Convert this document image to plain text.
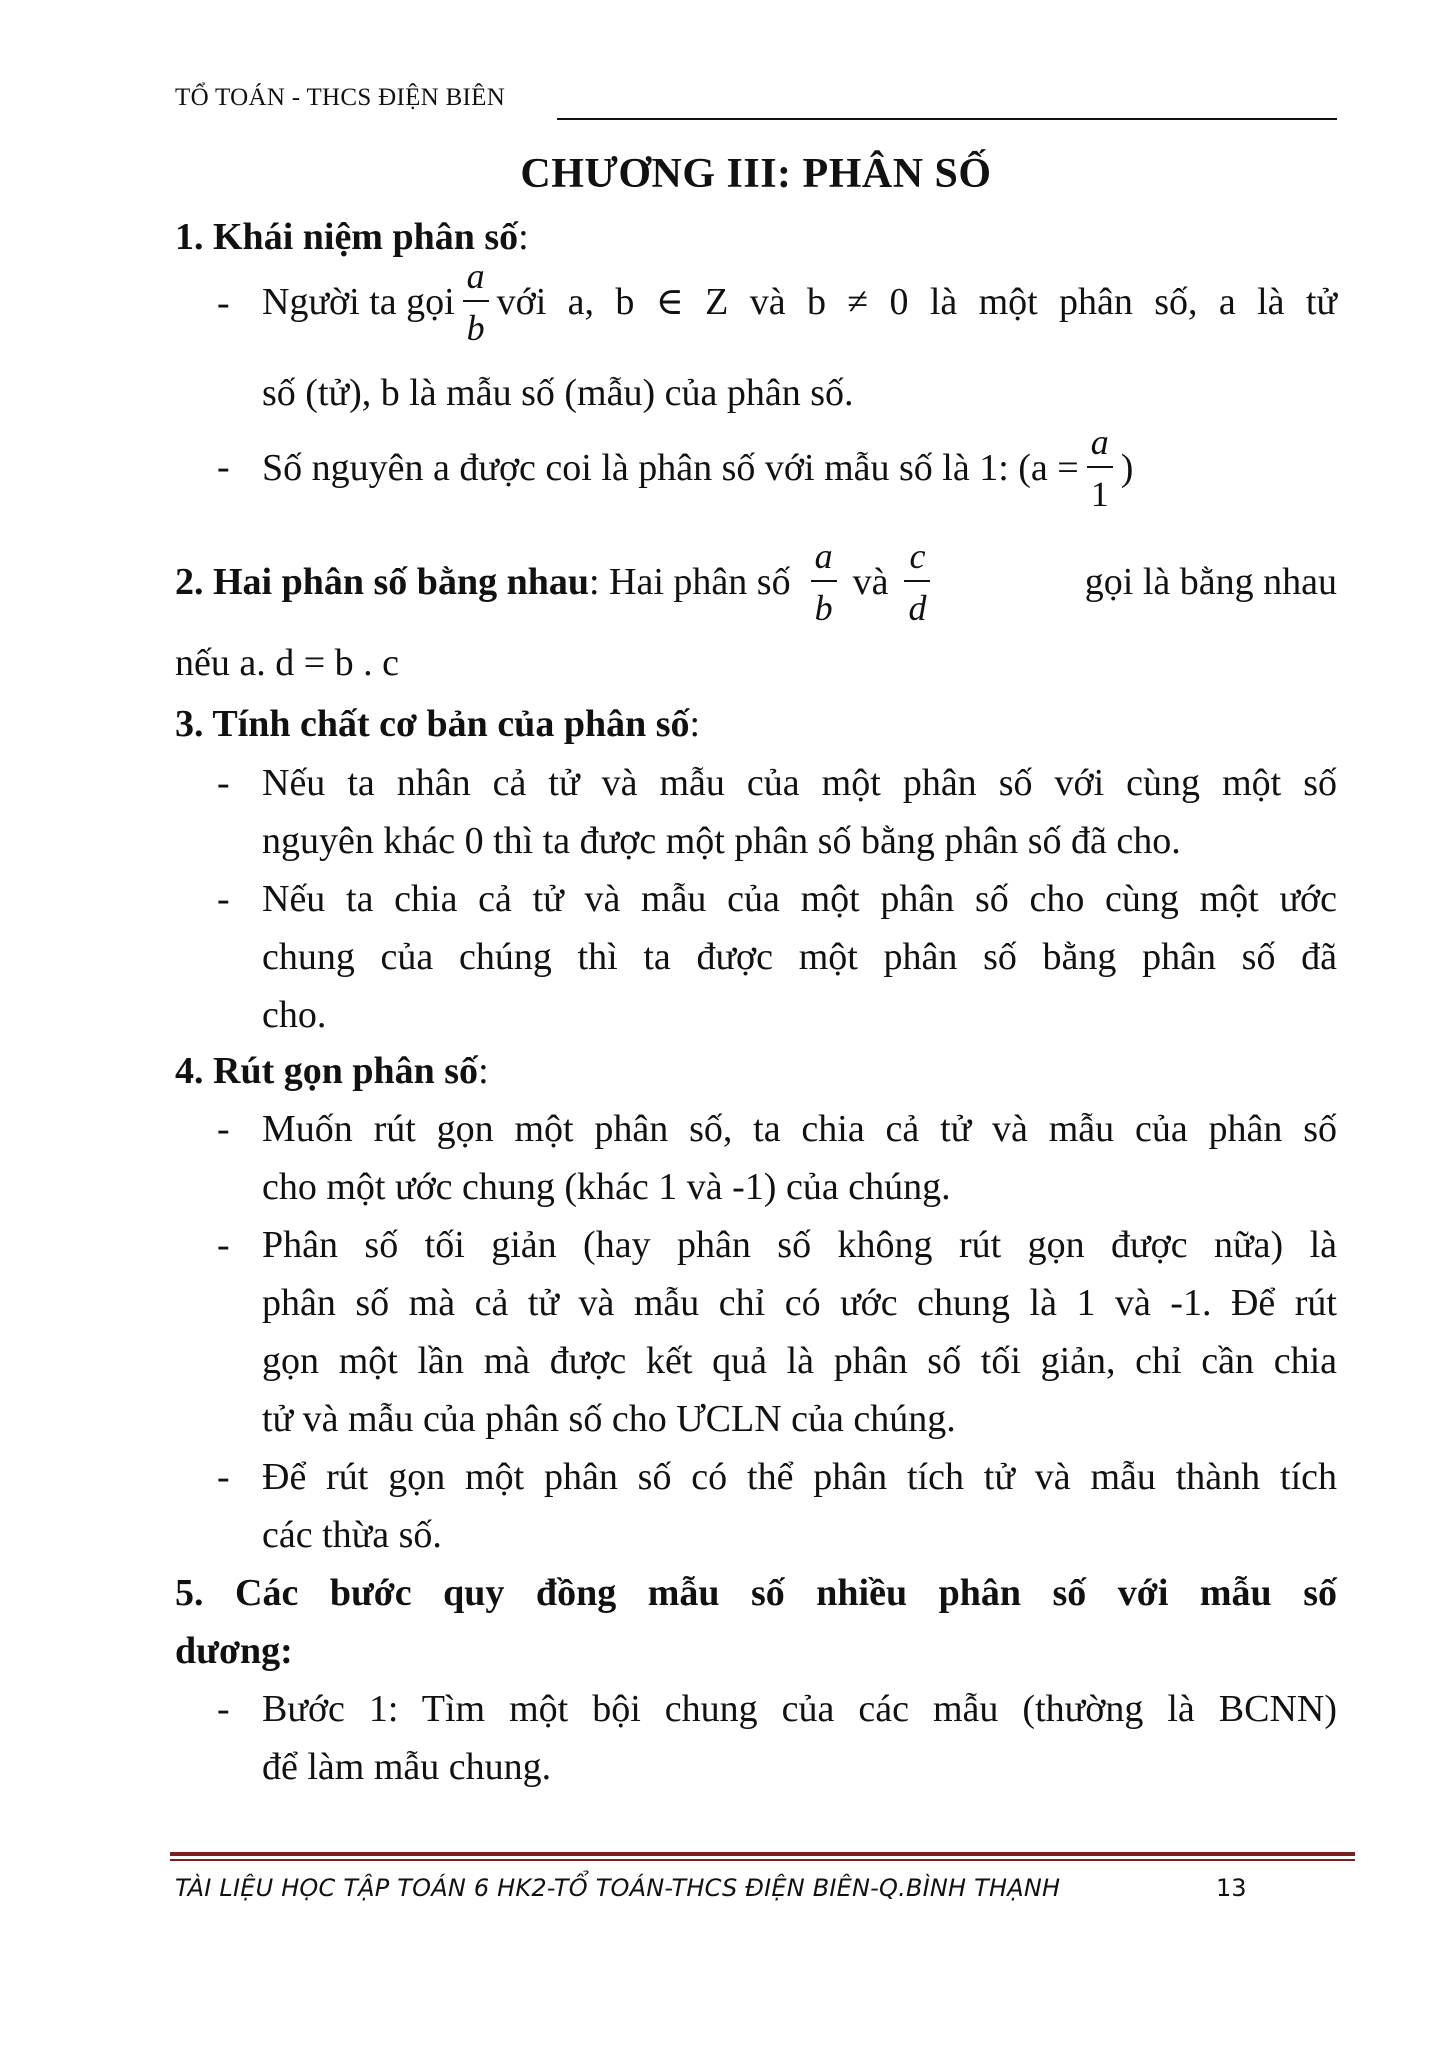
TỔ TOÁN - THCS ĐIỆN BIÊN
CHƯƠNG III: PHÂN SỐ
1. Khái niệm phân số:
- Người ta gọi $\frac{a}{b}$ với a, b ∈ Z và b ≠ 0 là một phân số, a là tử
số (tử), b là mẫu số (mẫu) của phân số.
- Số nguyên a được coi là phân số với mẫu số là 1: ($a = \frac{a}{1}$ )
2. Hai phân số bằng nhau : Hai phân số $\frac{a}{b}$ và $\frac{c}{d}$	gọi là bằng nhau
nếu a. d = b . c
3. Tính chất cơ bản của phân số:
- Nếu ta nhân cả tử và mẫu của một phân số với cùng một số
nguyên khác 0 thì ta được một phân số bằng phân số đã cho.
- Nếu ta chia cả tử và mẫu của một phân số cho cùng một ước
chung của chúng thì ta được một phân số bằng phân số đã
cho.
4. Rút gọn phân số:
- Muốn rút gọn một phân số, ta chia cả tử và mẫu của phân số
cho một ước chung (khác 1 và -1) của chúng.
- Phân số tối giản (hay phân số không rút gọn được nữa) là
phân số mà cả tử và mẫu chỉ có ước chung là 1 và -1. Để rút
gọn một lần mà được kết quả là phân số tối giản, chỉ cần chia
tử và mẫu của phân số cho ƯCLN của chúng.
- Để rút gọn một phân số có thể phân tích tử và mẫu thành tích
các thừa số.
5. Các bước quy đồng mẫu số nhiều phân số với mẫu số
dương:
- Bước 1: Tìm một bội chung của các mẫu (thường là BCNN)
để làm mẫu chung.
TÀI LIỆU HỌC TẬP TOÁN 6 HK2-TỔ TOÁN-THCS ĐIỆN BIÊN-Q.BÌNH THẠNH	13
